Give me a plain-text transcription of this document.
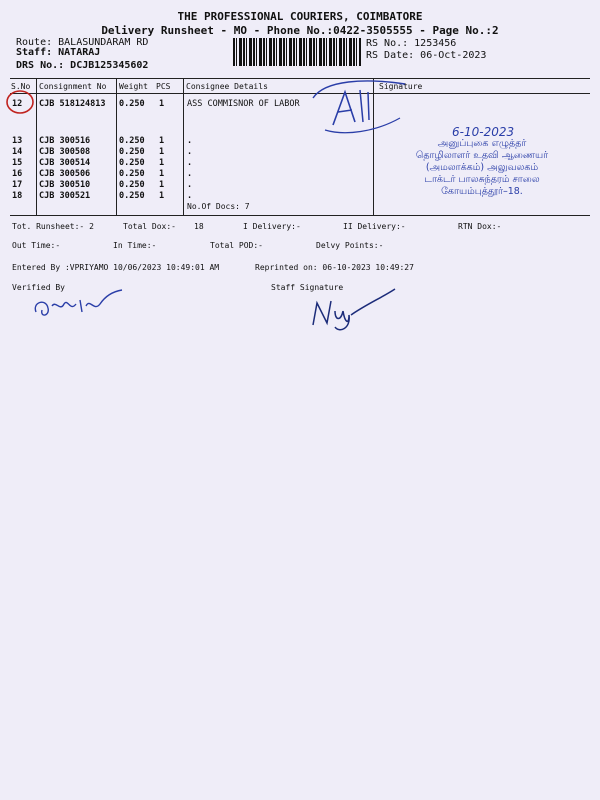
THE PROFESSIONAL COURIERS, COIMBATORE
Delivery Runsheet - MO - Phone No.:0422-3505555 - Page No.:2
Route: BALASUNDARAM RD
Staff: NATARAJ
DRS No.: DCJB125345602
RS No.: 1253456
RS Date: 06-Oct-2023
S.No Consignment No Weight PCS Consignee Details	Signature
12 CJB 518124813 0.250 1	ASS COMMISNOR OF LABOR
13 CJB 300516	0.250 1	.
14 CJB 300508	0.250 1	.
15 CJB 300514	0.250 1	.
16 CJB 300506	0.250 1	.
17 CJB 300510	0.250 1	.
18 CJB 300521	0.250 1	.
No.Of Docs: 7
Tot. Runsheet:- 2	Total Dox:- 18	I Delivery:-	II Delivery:-	RTN Dox:-
Out Time:-	In Time:-	Total POD:-	Delvy Points:-
Entered By :VPRIYAMO 10/06/2023 10:49:01 AM	Reprinted on: 06-10-2023 10:49:27
Verified By	Staff Signature
6-10-2023
அனுப்புகை எழுத்தர்
தொழிலாளர் உதவி ஆணையர்
(அமலாக்கம்) அலுவலகம்
டாக்டர் பாலசுந்தரம் சாலை
கோயம்புத்தூர்–18.
